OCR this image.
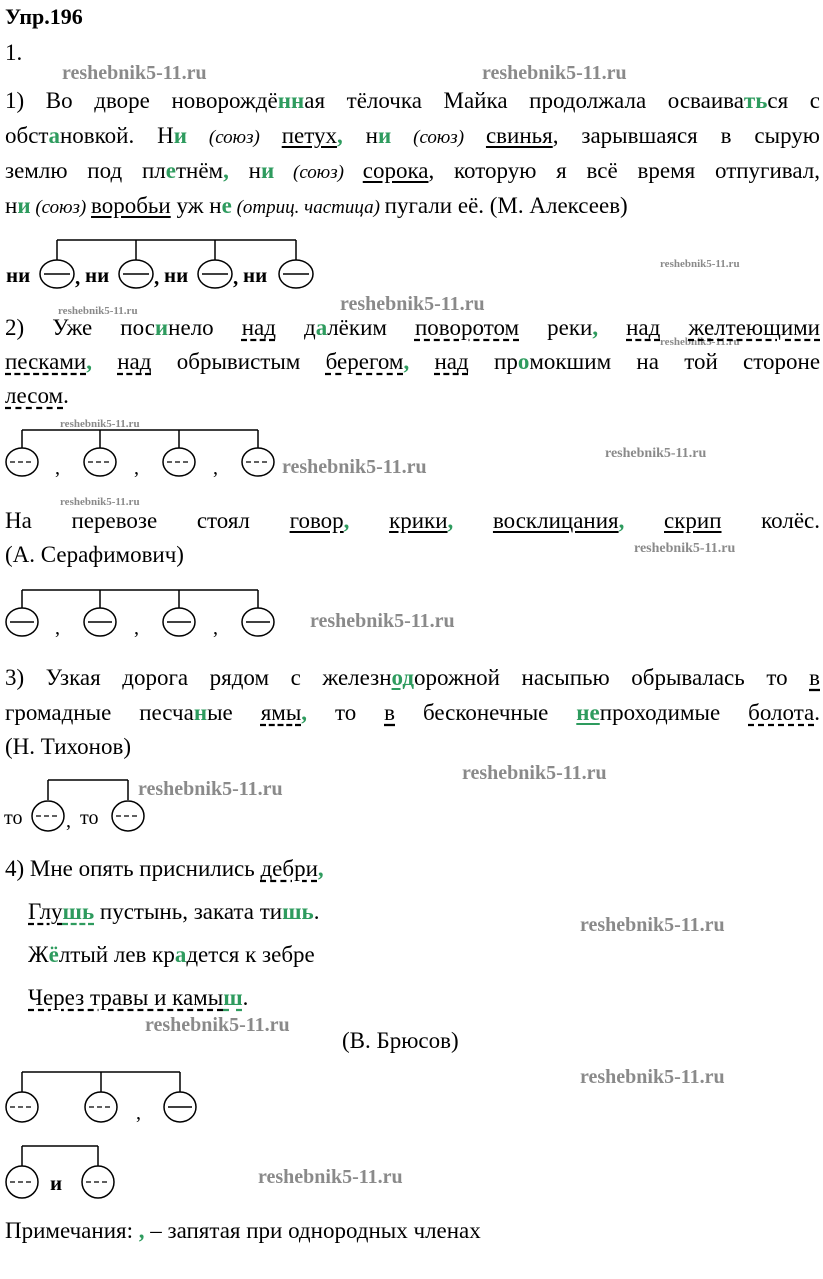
Упр.196
1.
reshebnik5-11.ru	reshebnik5-11.ru
reshebnik5-11.ru
reshebnik5-11.ru	reshebnik5-11.ru
reshebnik5-11.ru
reshebnik5-11.ru
reshebnik5-11.ru
reshebnik5-11.ru
reshebnik5-11.ru
reshebnik5-11.ru
reshebnik5-11.ru
reshebnik5-11.ru
reshebnik5-11.ru
reshebnik5-11.ru
reshebnik5-11.ru
reshebnik5-11.ru
reshebnik5-11.ru
1) Во дворе новорождённая тёлочка Майка продолжала осваиваться с
обстановкой. Ни (союз) петух, ни (союз) свинья, зарывшаяся в сырую
землю под плетнём, ни (союз) сорока, которую я всё время отпугивал,
ни (союз) воробьи уж не (отриц. частица) пугали её. (М. Алексеев)
ни , ни , ни , ни
2) Уже посинело над далёким поворотом реки, над желтеющими
песками, над обрывистым берегом, над промокшим на той стороне
лесом.
,	,	,
На перевозе стоял говор, крики, восклицания, скрип колёс.
(А. Серафимович)
,	,	,
3) Узкая дорога рядом с железнодорожной насыпью обрывалась то в
громадные песчаные ямы, то в бесконечные непроходимые болота.
(Н. Тихонов)
то , то
4) Мне опять приснились дебри,
Глушь пустынь, заката тишь.
Жёлтый лев крадется к зебре
Через травы и камыш.
(В. Брюсов)
,
и
Примечания: , – запятая при однородных членах
